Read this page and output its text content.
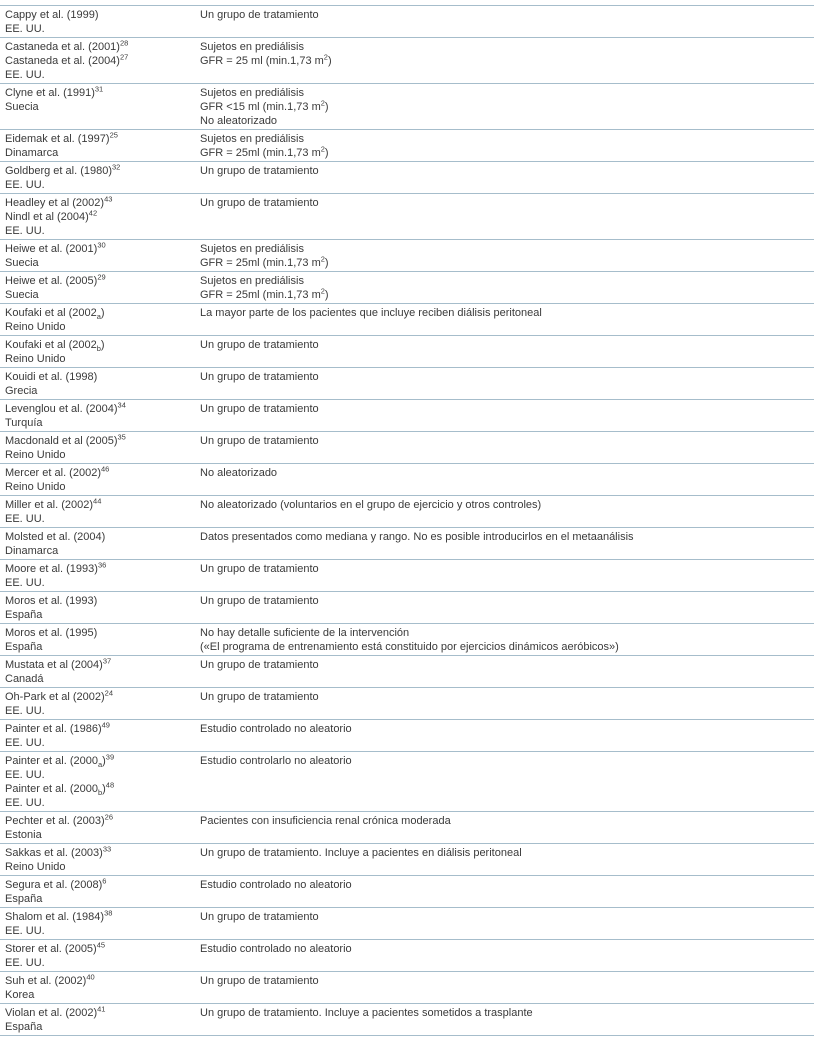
Cappy et al. (1999)
EE. UU.
Un grupo de tratamiento
Castaneda et al. $(2001)^{28}$
Castaneda et al. $(2004)^{27}$
EE. UU.
Sujetos en prediálisis
GFR = 25 ml (min.1,73 $m^2$)
Clyne et al. $(1991)^{31}$
Suecia
Sujetos en prediálisis
GFR <15 ml (min.1,73 $m^2$)
No aleatorizado
Eidemak et al. $(1997)^{25}$
Dinamarca
Sujetos en prediálisis
GFR = 25ml (min.1,73 $m^2$)
Goldberg et al. $(1980)^{32}$
EE. UU.
Un grupo de tratamiento
Headley et al $(2002)^{43}$
Nindl et al $(2004)^{42}$
EE. UU.
Un grupo de tratamiento
Heiwe et al. $(2001)^{30}$
Suecia
Sujetos en prediálisis
GFR = 25ml (min.1,73 $m^2$)
Heiwe et al. $(2005)^{29}$
Suecia
Sujetos en prediálisis
GFR = 25ml (min.1,73 $m^2$)
Koufaki et al $(2002_a)$
Reino Unido
La mayor parte de los pacientes que incluye reciben diálisis peritoneal
Koufaki et al $(2002_b)$
Reino Unido
Un grupo de tratamiento
Kouidi et al. (1998)
Grecia
Un grupo de tratamiento
Levenglou et al. $(2004)^{34}$
Turquía
Un grupo de tratamiento
Macdonald et al $(2005)^{35}$
Reino Unido
Un grupo de tratamiento
Mercer et al. $(2002)^{46}$
Reino Unido
No aleatorizado
Miller et al. $(2002)^{44}$
EE. UU.
No aleatorizado (voluntarios en el grupo de ejercicio y otros controles)
Molsted et al. (2004)
Dinamarca
Datos presentados como mediana y rango. No es posible introducirlos en el metaanálisis
Moore et al. $(1993)^{36}$
EE. UU.
Un grupo de tratamiento
Moros et al. (1993)
España
Un grupo de tratamiento
Moros et al. (1995)
España
No hay detalle suficiente de la intervención
(«El programa de entrenamiento está constituido por ejercicios dinámicos aeróbicos»)
Mustata et al $(2004)^{37}$
Canadá
Un grupo de tratamiento
Oh-Park et al $(2002)^{24}$
EE. UU.
Un grupo de tratamiento
Painter et al. $(1986)^{49}$
EE. UU.
Estudio controlado no aleatorio
Painter et al. $(2000_a)^{39}$
EE. UU.
Painter et al. $(2000_b)^{48}$
EE. UU.
Estudio controlarlo no aleatorio
Pechter et al. $(2003)^{26}$
Estonia
Pacientes con insuficiencia renal crónica moderada
Sakkas et al. $(2003)^{33}$
Reino Unido
Un grupo de tratamiento. Incluye a pacientes en diálisis peritoneal
Segura et al. $(2008)^6$
España
Estudio controlado no aleatorio
Shalom et al. $(1984)^{38}$
EE. UU.
Un grupo de tratamiento
Storer et al. $(2005)^{45}$
EE. UU.
Estudio controlado no aleatorio
Suh et al. $(2002)^{40}$
Korea
Un grupo de tratamiento
Violan et al. $(2002)^{41}$
España
Un grupo de tratamiento. Incluye a pacientes sometidos a trasplante
